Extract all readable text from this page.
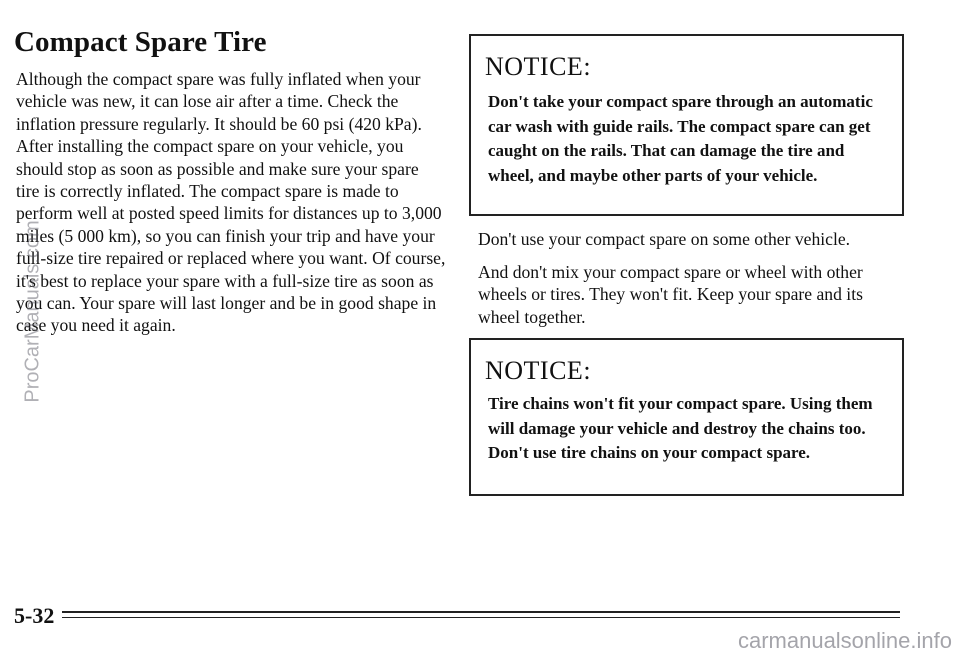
Compact Spare Tire

Although the compact spare was fully inflated when your vehicle was new, it can lose air after a time. Check the inflation pressure regularly. It should be 60 psi (420 kPa). After installing the compact spare on your vehicle, you should stop as soon as possible and make sure your spare tire is correctly inflated. The compact spare is made to perform well at posted speed limits for distances up to 3,000 miles (5 000 km), so you can finish your trip and have your full-size tire repaired or replaced where you want. Of course, it's best to replace your spare with a full-size tire as soon as you can. Your spare will last longer and be in good shape in case you need it again.

NOTICE:

Don't take your compact spare through an automatic car wash with guide rails. The compact spare can get caught on the rails. That can damage the tire and wheel, and maybe other parts of your vehicle.

Don't use your compact spare on some other vehicle.

And don't mix your compact spare or wheel with other wheels or tires. They won't fit. Keep your spare and its wheel together.

NOTICE:

Tire chains won't fit your compact spare. Using them will damage your vehicle and destroy the chains too. Don't use tire chains on your compact spare.

5-32
ProCarManuals.com
carmanualsonline.info
